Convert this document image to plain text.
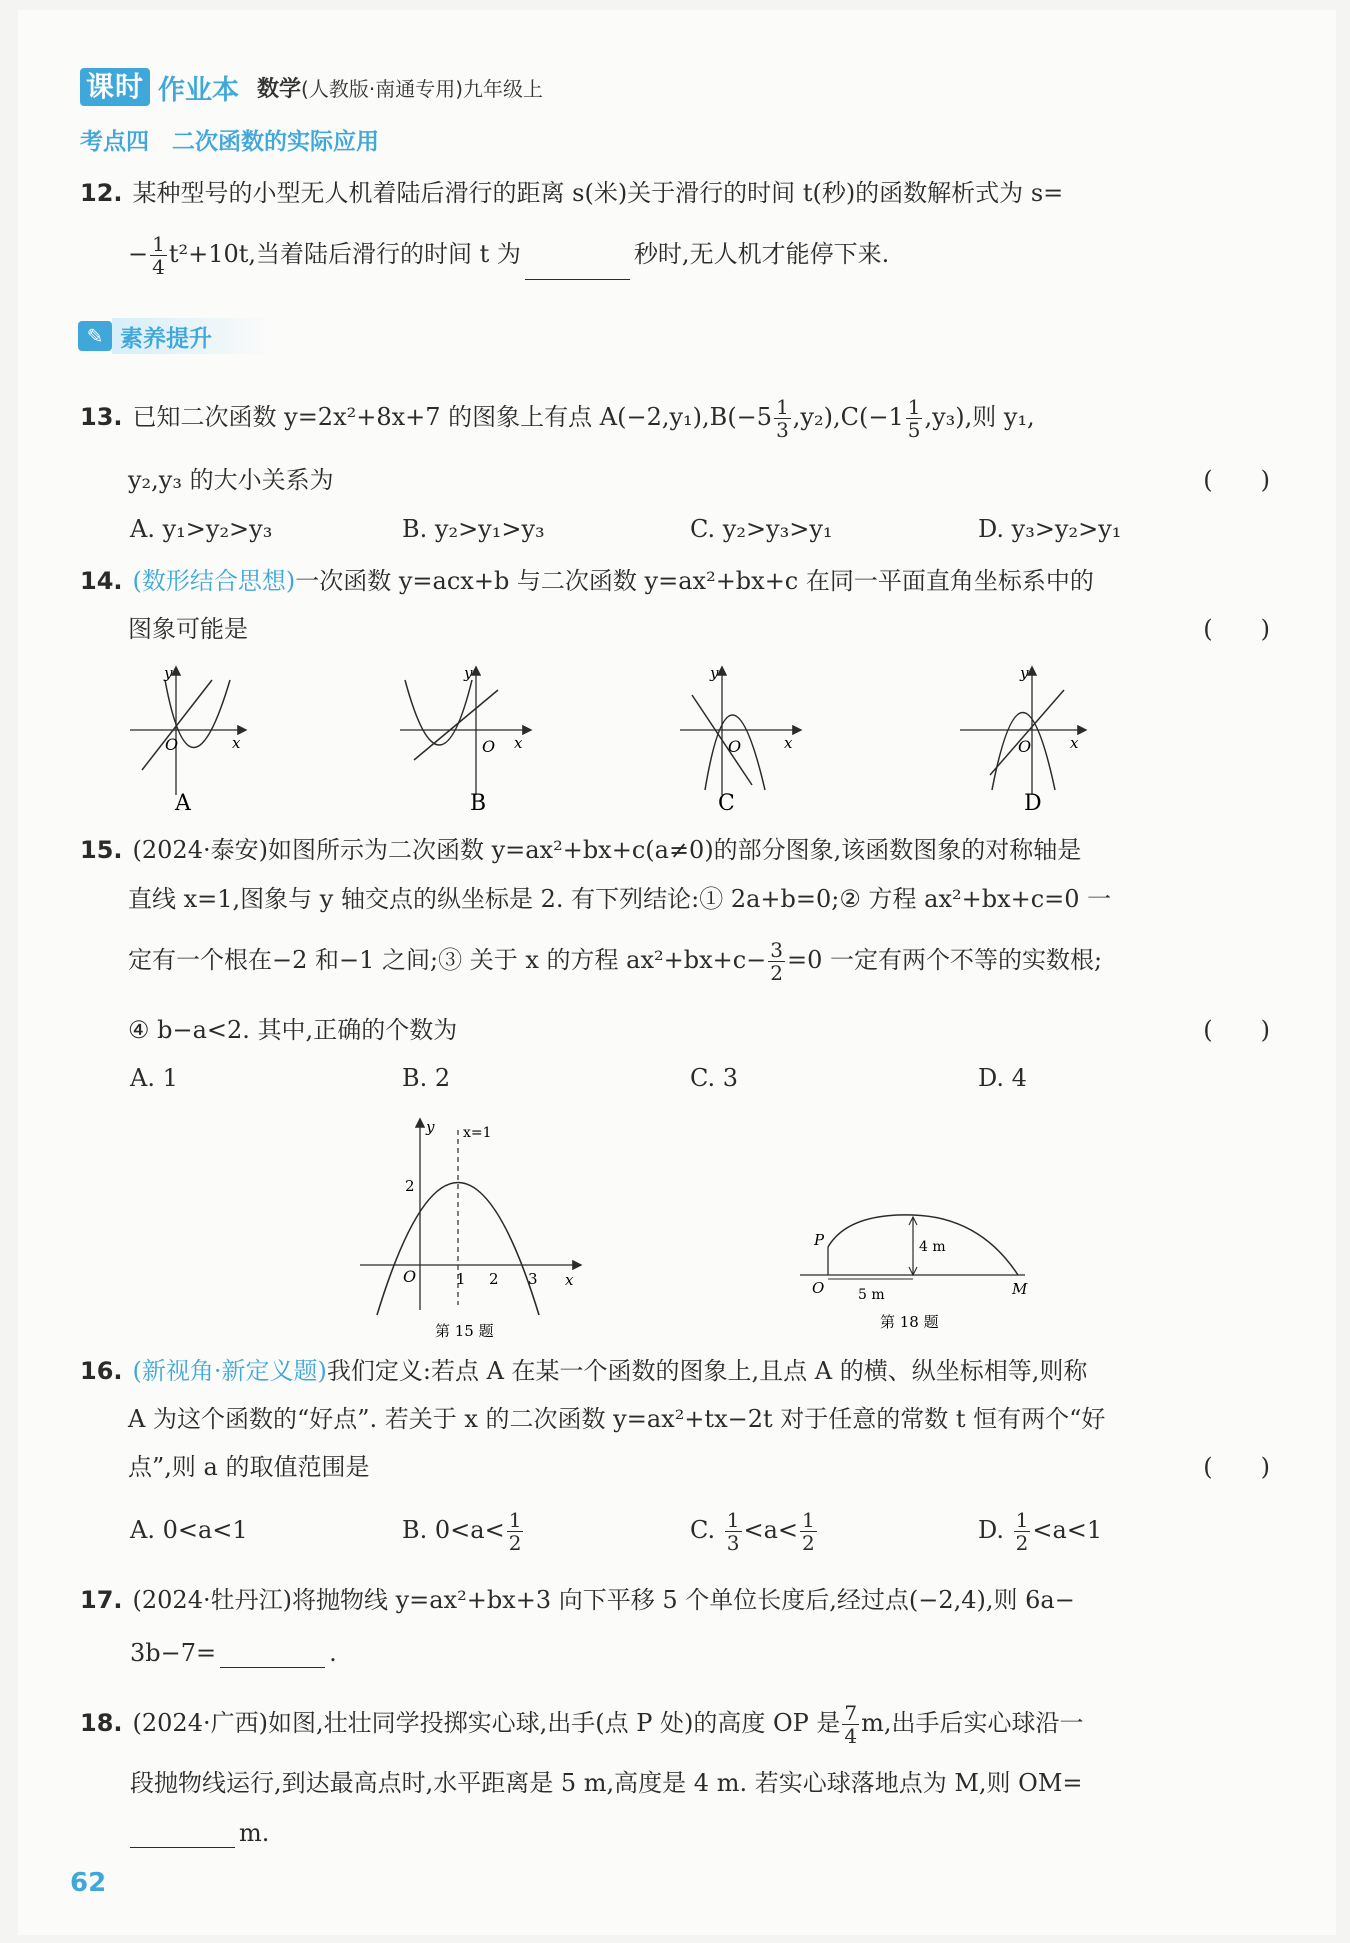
课时 作业本 数学(人教版·南通专用)九年级上
考点四　二次函数的实际应用
12. 某种型号的小型无人机着陆后滑行的距离 s(米)关于滑行的时间 t(秒)的函数解析式为 s=
− $\frac{1}{4} t^2+10t$,当着陆后滑行的时间 t 为	秒时,无人机才能停下来.
✎ 素养提升
13. 已知二次函数 y=2x²+8x+7 的图象上有点 $A(-2,y_1),B(-5 \frac{1}{3} ,y_2),C(-1 \frac{1}{5} ,y_3)$,则 y₁,
y₂,y₃ 的大小关系为	(　　)
A. y₁>y₂>y₃	B. y₂>y₁>y₃	C. y₂>y₃>y₁	D. y₃>y₂>y₁
14. (数形结合思想)一次函数 y=acx+b 与二次函数 y=ax²+bx+c 在同一平面直角坐标系中的
图象可能是	(　　)
O	x
y
A
O x
y
B
O	x
y
C
O	x
y
D
15. (2024·泰安)如图所示为二次函数 y=ax²+bx+c(a≠0)的部分图象,该函数图象的对称轴是
直线 x=1,图象与 y 轴交点的纵坐标是 2. 有下列结论:① 2a+b=0;② 方程 ax²+bx+c=0 一
定有一个根在−2 和−1 之间;③ 关于 x 的方程 $ax^2+bx+c- \frac{3}{2} =0$ 一定有两个不等的实数根;
④ b−a<2. 其中,正确的个数为	(　　)
A. 1	B. 2	C. 3	D. 4
x=1
y
x
O
2
1 2 3
第 15 题
P
O	M
4 m
5 m
第 18 题
16. (新视角·新定义题)我们定义:若点 A 在某一个函数的图象上,且点 A 的横、纵坐标相等,则称
A 为这个函数的“好点”. 若关于 x 的二次函数 y=ax²+tx−2t 对于任意的常数 t 恒有两个“好
点”,则 a 的取值范围是	(　　)
A. 0<a<1	B. $0<a< \frac{1}{2}$	C. $\frac{1}{3} <a< \frac{1}{2}$	D. $\frac{1}{2} <a<1$
17. (2024·牡丹江)将抛物线 y=ax²+bx+3 向下平移 5 个单位长度后,经过点(−2,4),则 6a−
3b−7=	.
18. (2024·广西)如图,壮壮同学投掷实心球,出手(点 P 处)的高度 OP 是 $\frac{7}{4} m$,出手后实心球沿一
段抛物线运行,到达最高点时,水平距离是 5 m,高度是 4 m. 若实心球落地点为 M,则 OM=
m.
62
